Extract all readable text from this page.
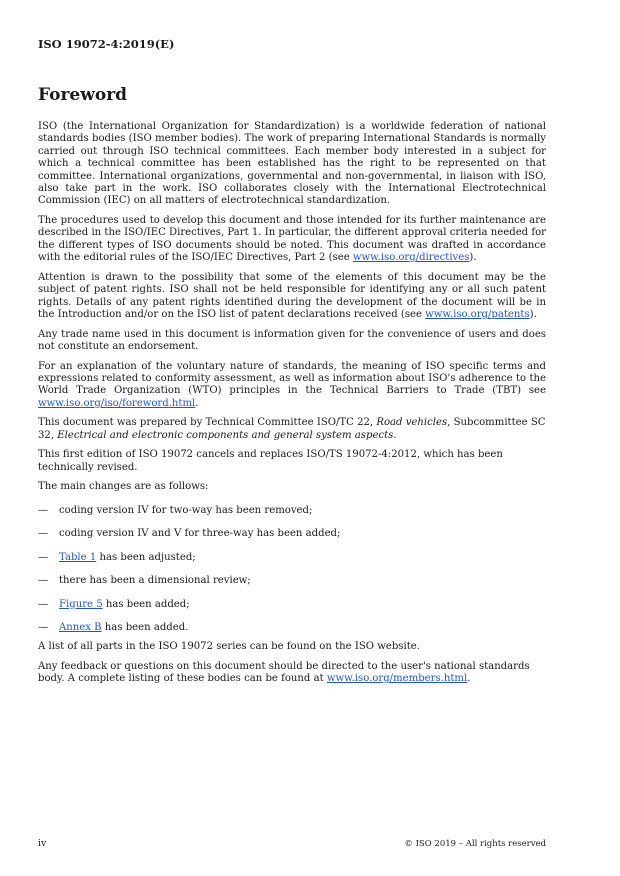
ISO 19072-4:2019(E)
Foreword

ISO (the International Organization for Standardization) is a worldwide federation of national standards bodies (ISO member bodies). The work of preparing International Standards is normally carried out through ISO technical committees. Each member body interested in a subject for which a technical committee has been established has the right to be represented on that committee. International organizations, governmental and non-governmental, in liaison with ISO, also take part in the work. ISO collaborates closely with the International Electrotechnical Commission (IEC) on all matters of electrotechnical standardization.

The procedures used to develop this document and those intended for its further maintenance are described in the ISO/IEC Directives, Part 1. In particular, the different approval criteria needed for the different types of ISO documents should be noted. This document was drafted in accordance with the editorial rules of the ISO/IEC Directives, Part 2 (see www.iso.org/directives).

Attention is drawn to the possibility that some of the elements of this document may be the subject of patent rights. ISO shall not be held responsible for identifying any or all such patent rights. Details of any patent rights identified during the development of the document will be in the Introduction and/or on the ISO list of patent declarations received (see www.iso.org/patents).

Any trade name used in this document is information given for the convenience of users and does not constitute an endorsement.

For an explanation of the voluntary nature of standards, the meaning of ISO specific terms and expressions related to conformity assessment, as well as information about ISO's adherence to the World Trade Organization (WTO) principles in the Technical Barriers to Trade (TBT) see www.iso.org/iso/foreword.html.

This document was prepared by Technical Committee ISO/TC 22, Road vehicles, Subcommittee SC 32, Electrical and electronic components and general system aspects.

This first edition of ISO 19072 cancels and replaces ISO/TS 19072-4:2012, which has been technically revised.

The main changes are as follows:

—	coding version IV for two-way has been removed;
—	coding version IV and V for three-way has been added;
—	Table 1 has been adjusted;
—	there has been a dimensional review;
—	Figure 5 has been added;
—	Annex B has been added.

A list of all parts in the ISO 19072 series can be found on the ISO website.

Any feedback or questions on this document should be directed to the user's national standards body. A complete listing of these bodies can be found at www.iso.org/members.html.

iv	© ISO 2019 – All rights reserved
